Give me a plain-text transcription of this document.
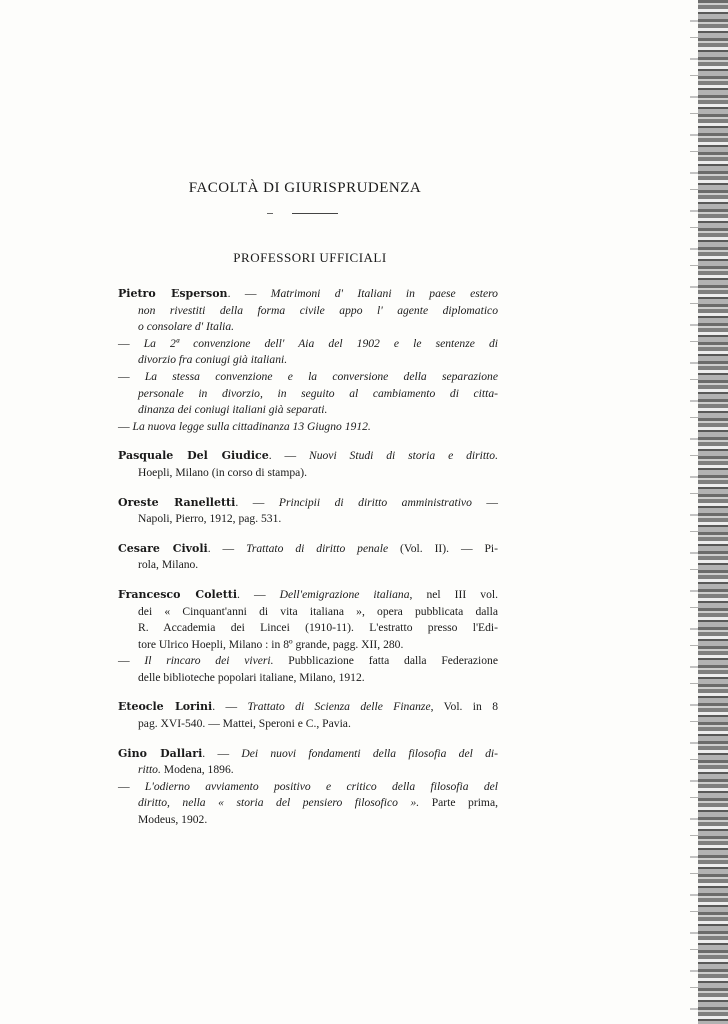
FACOLTÀ DI GIURISPRUDENZA
PROFESSORI UFFICIALI
Pietro Esperson. — Matrimoni d' Italiani in paese estero
non rivestiti della forma civile appo l' agente diplomatico
o consolare d' Italia.
— La 2ª convenzione dell' Aia del 1902 e le sentenze di
divorzio fra coniugi già italiani.
— La stessa convenzione e la conversione della separazione
personale in divorzio, in seguito al cambiamento di citta-
dinanza dei coniugi italiani già separati.
— La nuova legge sulla cittadinanza 13 Giugno 1912.
Pasquale Del Giudice. — Nuovi Studi di storia e diritto.
Hoepli, Milano (in corso di stampa).
Oreste Ranelletti. — Principii di diritto amministrativo —
Napoli, Pierro, 1912, pag. 531.
Cesare Civoli. — Trattato di diritto penale (Vol. II). — Pi-
rola, Milano.
Francesco Coletti. — Dell'emigrazione italiana, nel III vol.
dei « Cinquant'anni di vita italiana », opera pubblicata dalla
R. Accademia dei Lincei (1910-11). L'estratto presso l'Edi-
tore Ulrico Hoepli, Milano : in 8º grande, pagg. XII, 280.
— Il rincaro dei viveri. Pubblicazione fatta dalla Federazione
delle biblioteche popolari italiane, Milano, 1912.
Eteocle Lorini. — Trattato di Scienza delle Finanze, Vol. in 8
pag. XVI-540. — Mattei, Speroni e C., Pavia.
Gino Dallari. — Dei nuovi fondamenti della filosofia del di-
ritto. Modena, 1896.
— L'odierno avviamento positivo e critico della filosofia del
diritto, nella « storia del pensiero filosofico ». Parte prima,
Modeus, 1902.
